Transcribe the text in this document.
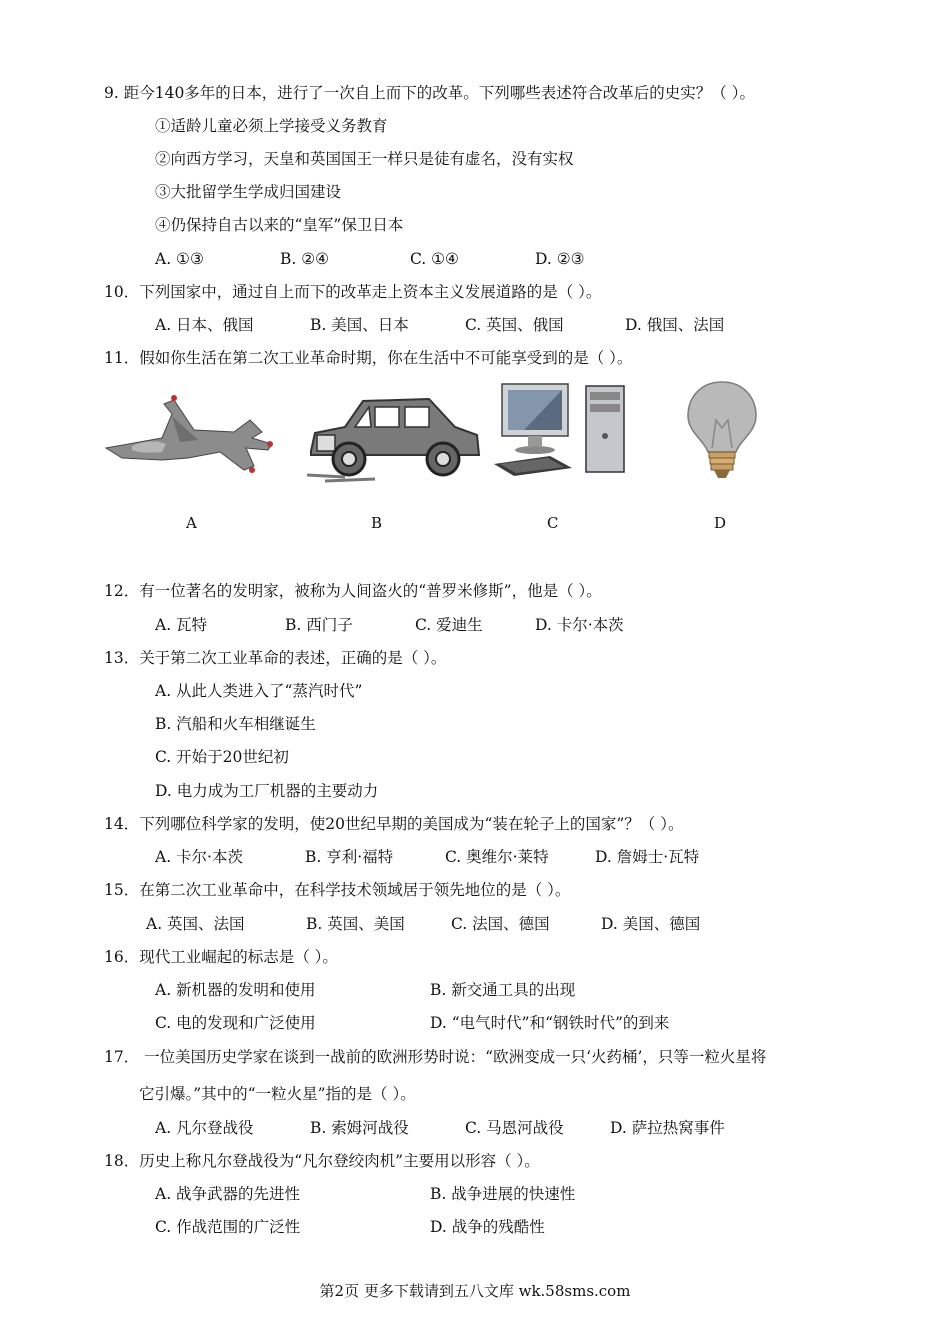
9. 距今140多年的日本，进行了一次自上而下的改革。下列哪些表述符合改革后的史实？（ ）。
①适龄儿童必须上学接受义务教育
②向西方学习，天皇和英国国王一样只是徒有虚名，没有实权
③大批留学生学成归国建设
④仍保持自古以来的“皇军”保卫日本
A. ①③	B. ②④	C. ①④	D. ②③
10．下列国家中，通过自上而下的改革走上资本主义发展道路的是（ ）。
A. 日本、俄国	B. 美国、日本	C. 英国、俄国	D. 俄国、法国
11．假如你生活在第二次工业革命时期，你在生活中不可能享受到的是（ ）。
A	B	C	D
12．有一位著名的发明家，被称为人间盗火的“普罗米修斯”，他是（ ）。
A. 瓦特	B. 西门子	C. 爱迪生	D. 卡尔·本茨
13．关于第二次工业革命的表述，正确的是（ ）。
A. 从此人类进入了“蒸汽时代”
B. 汽船和火车相继诞生
C. 开始于20世纪初
D. 电力成为工厂机器的主要动力
14．下列哪位科学家的发明，使20世纪早期的美国成为“装在轮子上的国家”？（ ）。
A. 卡尔·本茨	B. 亨利·福特	C. 奥维尔·莱特	D. 詹姆士·瓦特
15．在第二次工业革命中，在科学技术领域居于领先地位的是（ ）。
A. 英国、法国	B. 英国、美国	C. 法国、德国	D. 美国、德国
16．现代工业崛起的标志是（ ）。
A. 新机器的发明和使用	B. 新交通工具的出现
C. 电的发现和广泛使用	D. “电气时代”和“钢铁时代”的到来
17． 一位美国历史学家在谈到一战前的欧洲形势时说：“欧洲变成一只‘火药桶’，只等一粒火星将
它引爆。”其中的“一粒火星”指的是（ ）。
A. 凡尔登战役	B. 索姆河战役	C. 马恩河战役	D. 萨拉热窝事件
18．历史上称凡尔登战役为“凡尔登绞肉机”主要用以形容（ ）。
A. 战争武器的先进性	B. 战争进展的快速性
C. 作战范围的广泛性	D. 战争的残酷性
第2页 更多下载请到五八文库 wk.58sms.com
